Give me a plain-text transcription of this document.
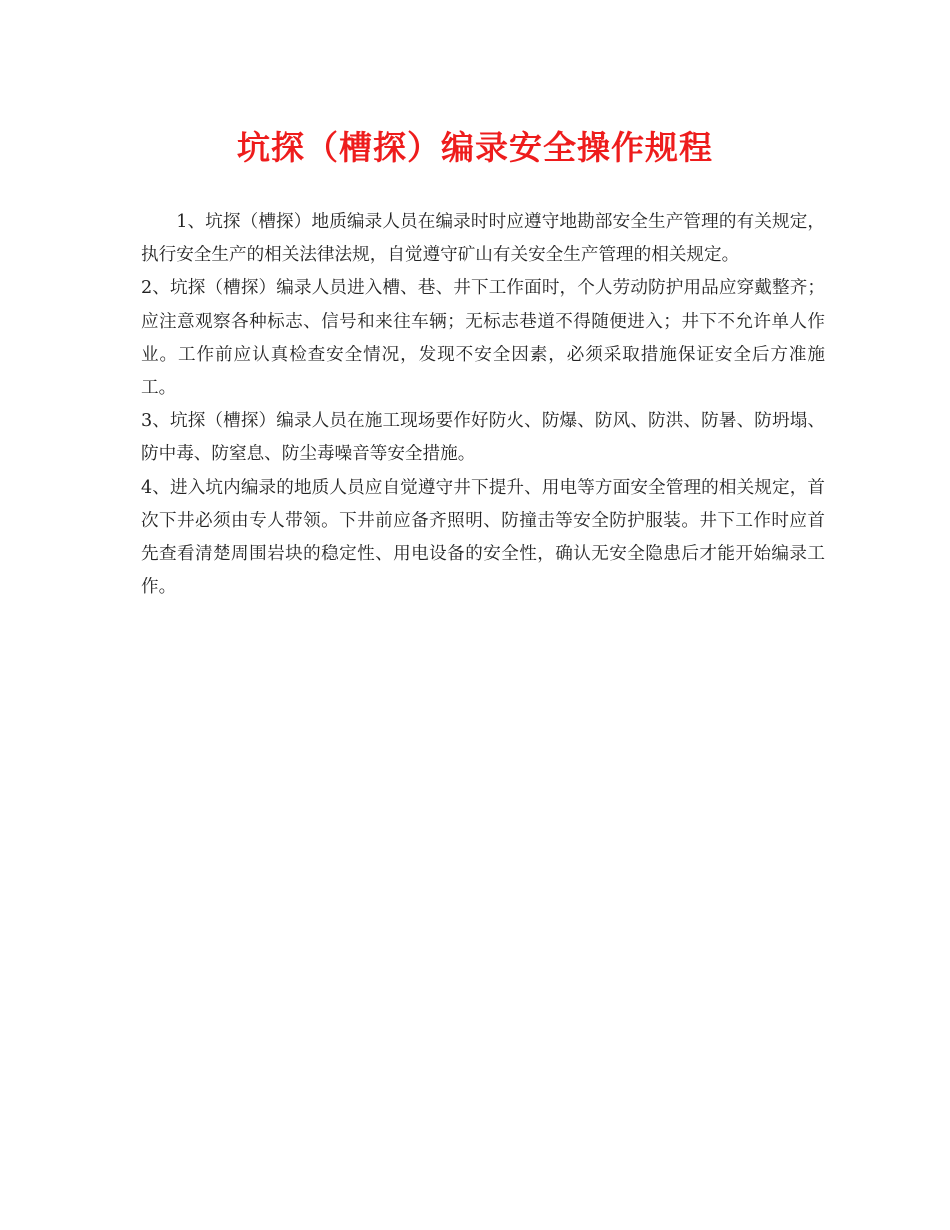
坑探（槽探）编录安全操作规程

1、坑探（槽探）地质编录人员在编录时时应遵守地勘部安全生产管理的有关规定，执行安全生产的相关法律法规，自觉遵守矿山有关安全生产管理的相关规定。

2、坑探（槽探）编录人员进入槽、巷、井下工作面时，个人劳动防护用品应穿戴整齐；应注意观察各种标志、信号和来往车辆；无标志巷道不得随便进入；井下不允许单人作业。工作前应认真检查安全情况，发现不安全因素，必须采取措施保证安全后方准施工。

3、坑探（槽探）编录人员在施工现场要作好防火、防爆、防风、防洪、防暑、防坍塌、防中毒、防窒息、防尘毒噪音等安全措施。

4、进入坑内编录的地质人员应自觉遵守井下提升、用电等方面安全管理的相关规定，首次下井必须由专人带领。下井前应备齐照明、防撞击等安全防护服装。井下工作时应首先查看清楚周围岩块的稳定性、用电设备的安全性，确认无安全隐患后才能开始编录工作。
